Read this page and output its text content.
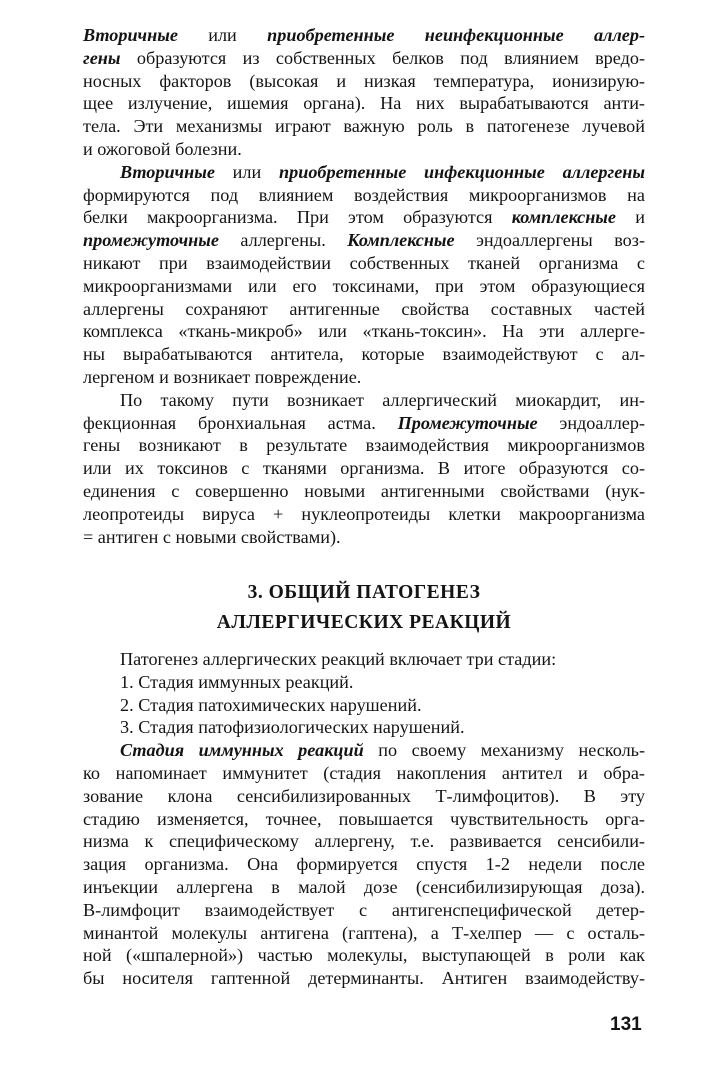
Вторичные или приобретенные неинфекционные аллер-
гены образуются из собственных белков под влиянием вредо-
носных факторов (высокая и низкая температура, ионизирую-
щее излучение, ишемия органа). На них вырабатываются анти-
тела. Эти механизмы играют важную роль в патогенезе лучевой
и ожоговой болезни.
Вторичные или приобретенные инфекционные аллергены
формируются под влиянием воздействия микроорганизмов на
белки макроорганизма. При этом образуются комплексные и
промежуточные аллергены. Комплексные эндоаллергены воз-
никают при взаимодействии собственных тканей организма с
микроорганизмами или его токсинами, при этом образующиеся
аллергены сохраняют антигенные свойства составных частей
комплекса «ткань-микроб» или «ткань-токсин». На эти аллерге-
ны вырабатываются антитела, которые взаимодействуют с ал-
лергеном и возникает повреждение.
По такому пути возникает аллергический миокардит, ин-
фекционная бронхиальная астма. Промежуточные эндоаллер-
гены возникают в результате взаимодействия микроорганизмов
или их токсинов с тканями организма. В итоге образуются со-
единения с совершенно новыми антигенными свойствами (нук-
леопротеиды вируса + нуклеопротеиды клетки макроорганизма
= антиген с новыми свойствами).
3. ОБЩИЙ ПАТОГЕНЕЗ
АЛЛЕРГИЧЕСКИХ РЕАКЦИЙ
Патогенез аллергических реакций включает три стадии:
1. Стадия иммунных реакций.
2. Стадия патохимических нарушений.
3. Стадия патофизиологических нарушений.
Стадия иммунных реакций по своему механизму несколь-
ко напоминает иммунитет (стадия накопления антител и обра-
зование клона сенсибилизированных Т-лимфоцитов). В эту
стадию изменяется, точнее, повышается чувствительность орга-
низма к специфическому аллергену, т.е. развивается сенсибили-
зация организма. Она формируется спустя 1-2 недели после
инъекции аллергена в малой дозе (сенсибилизирующая доза).
В-лимфоцит взаимодействует с антигенспецифической детер-
минантой молекулы антигена (гаптена), а Т-хелпер — с осталь-
ной («шпалерной») частью молекулы, выступающей в роли как
бы носителя гаптенной детерминанты. Антиген взаимодейству-
131
